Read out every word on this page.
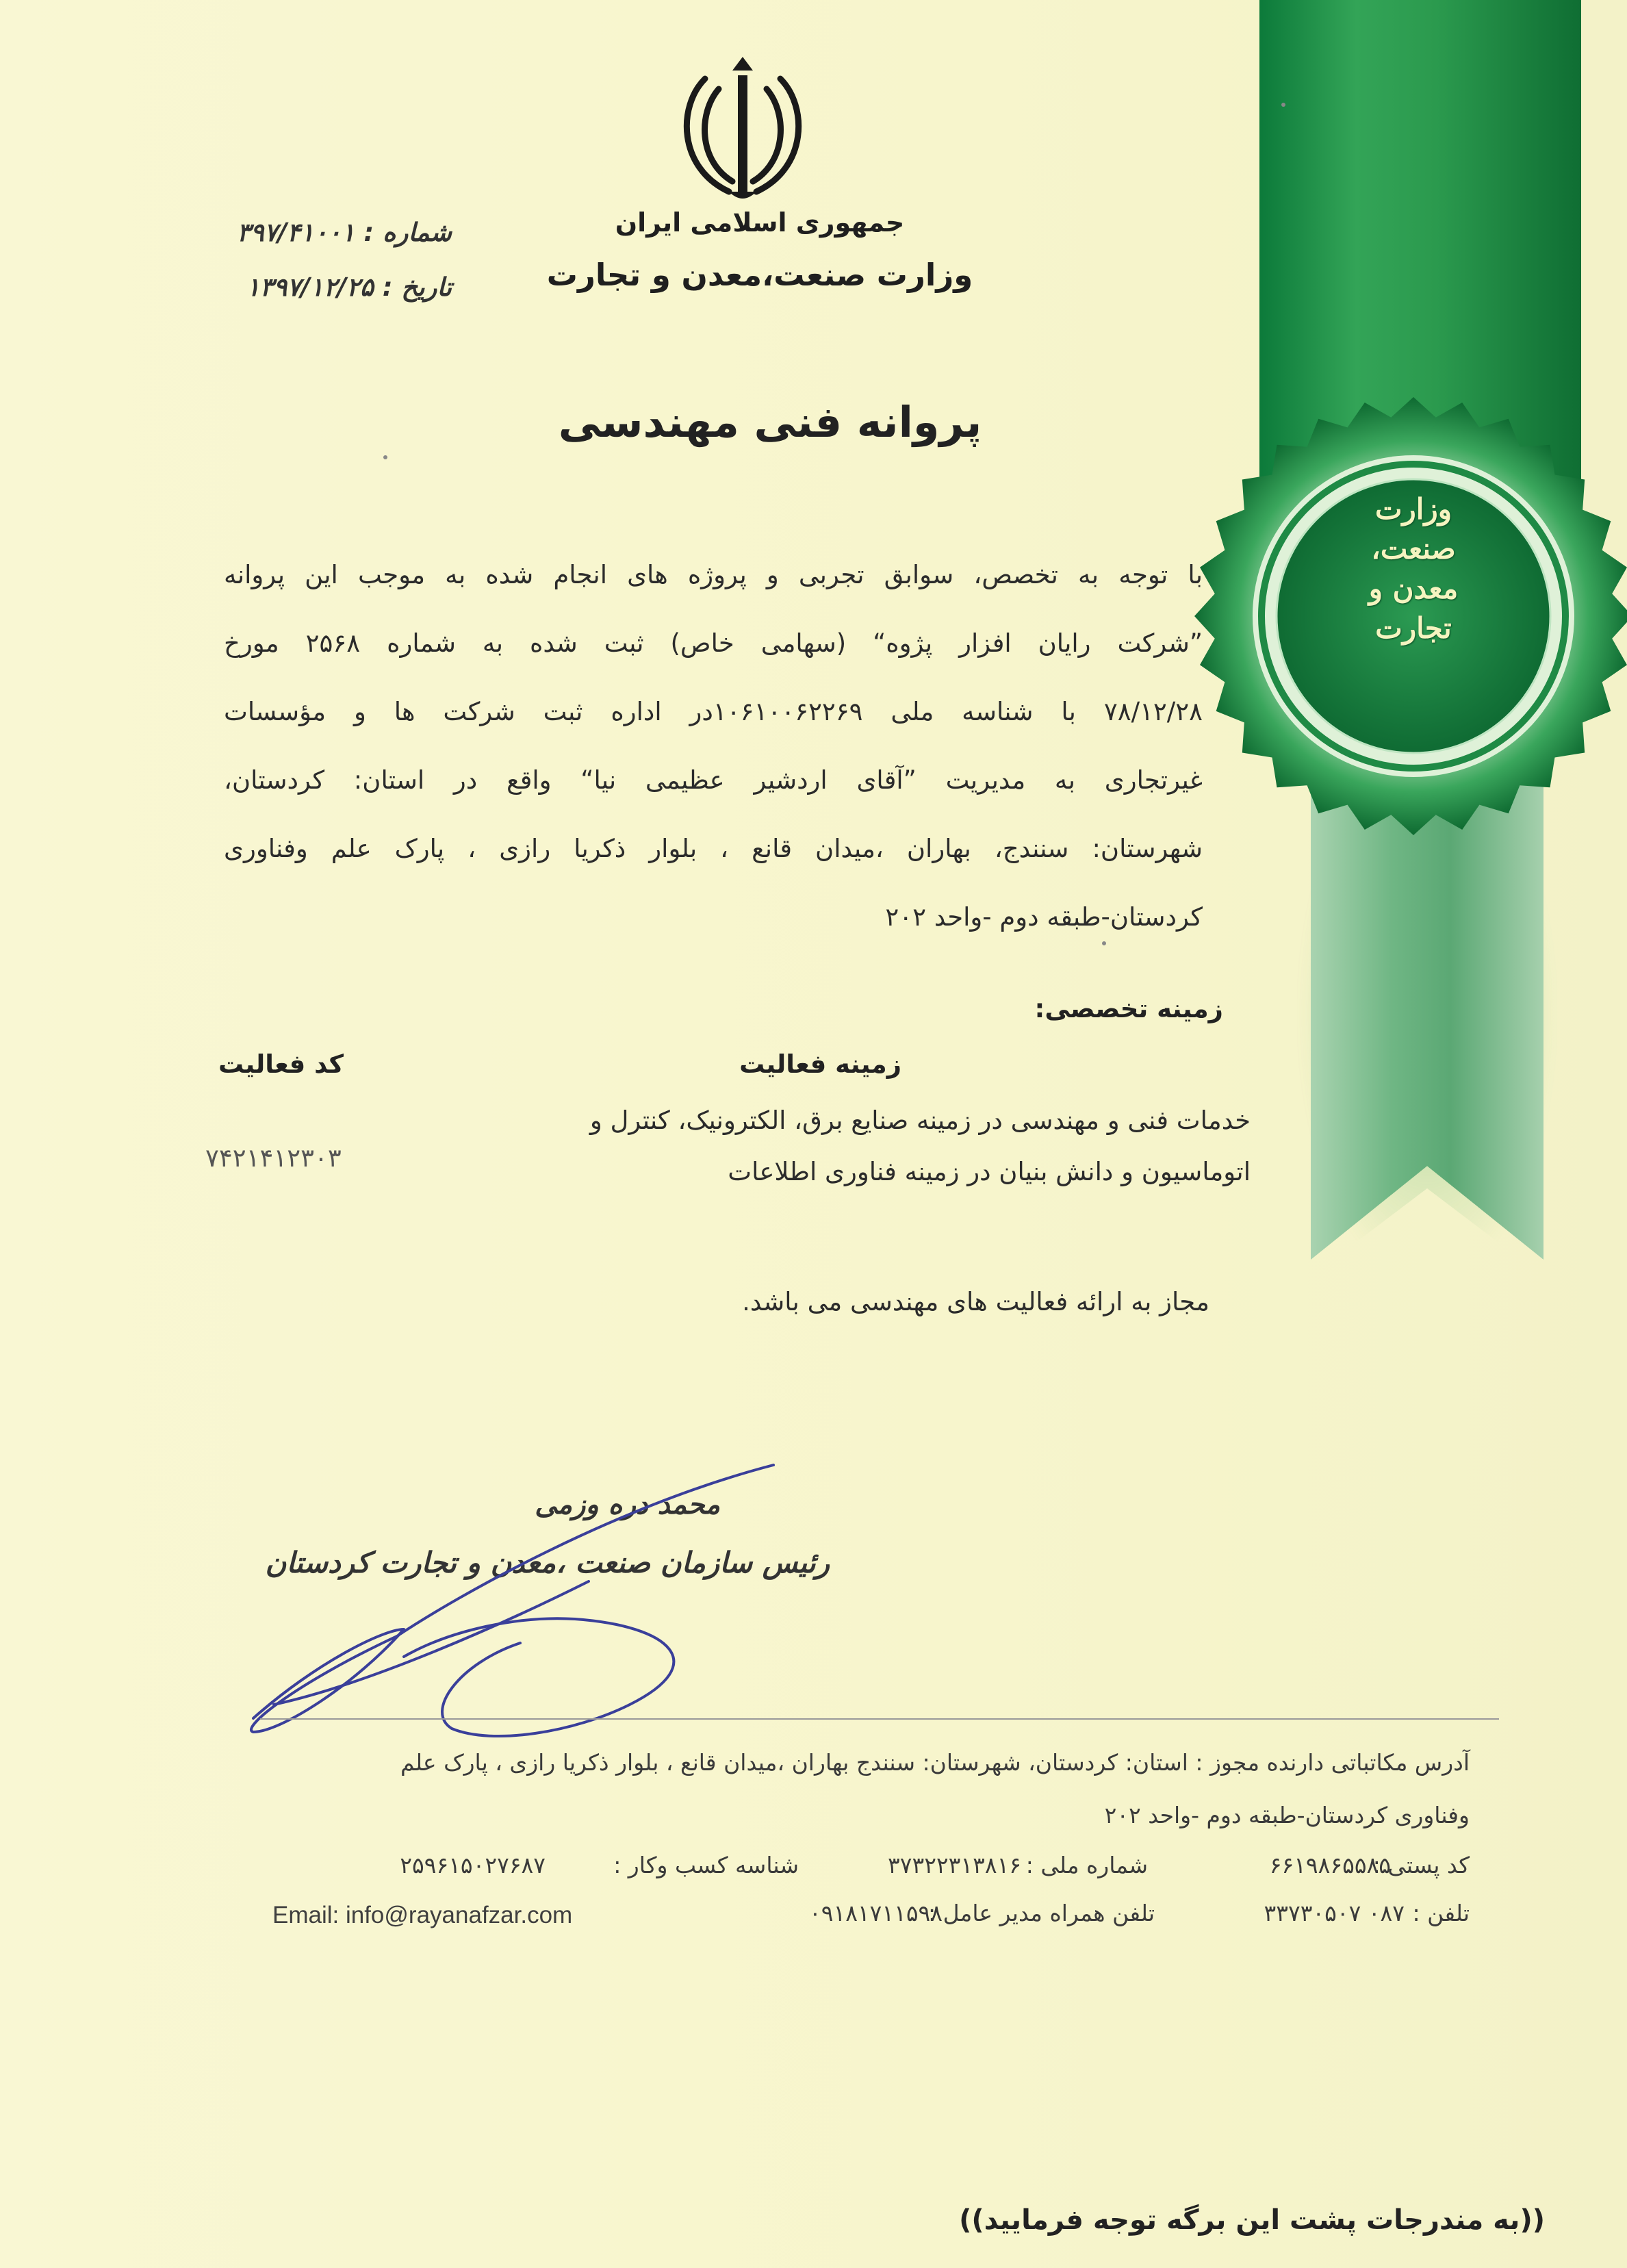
وزارت
صنعت،
معدن و
تجارت
جمهوری اسلامی ایران
وزارت صنعت،معدن و تجارت
شماره : ۳۹۷/۴۱۰۰۱
تاریخ : ۱۳۹۷/۱۲/۲۵
پروانه فنی مهندسی
با توجه به تخصص، سوابق تجربی و پروژه های انجام شده به موجب این پروانه
”شرکت رایان افزار پژوه“ (سهامی خاص) ثبت شده به شماره ۲۵۶۸ مورخ
۷۸/۱۲/۲۸ با شناسه ملی ۱۰۶۱۰۰۶۲۲۶۹در اداره ثبت شرکت ها و مؤسسات
غیرتجاری به مدیریت ”آقای اردشیر عظیمی نیا“ واقع در استان: کردستان،
شهرستان: سنندج، بهاران ،میدان قانع ، بلوار ذکریا رازی ، پارک علم وفناوری
کردستان-طبقه دوم -واحد ۲۰۲
زمینه تخصصی:
زمینه فعالیت
کد فعالیت
خدمات فنی و مهندسی در زمینه صنایع برق، الکترونیک، کنترل و
اتوماسیون و دانش بنیان در زمینه فناوری اطلاعات
۷۴۲۱۴۱۲۳۰۳
مجاز به ارائه فعالیت های مهندسی می باشد.
محمد دره وزمی
رئیس سازمان صنعت ،معدن و تجارت کردستان
آدرس مکاتباتی دارنده مجوز : استان: کردستان، شهرستان: سنندج بهاران ،میدان قانع ، بلوار ذکریا رازی ، پارک علم
وفناوری کردستان-طبقه دوم -واحد ۲۰۲
کد پستی :
۶۶۱۹۸۶۵۵۸۵
شماره ملی :
۳۷۳۲۲۳۱۳۸۱۶
شناسه کسب وکار :
۲۵۹۶۱۵۰۲۷۶۸۷
تلفن :
۰۸۷ ۳۳۷۳۰۵۰۷
تلفن همراه مدیر عامل :
۰۹۱۸۱۷۱۱۵۹۸
Email: info@rayanafzar.com
((به مندرجات پشت این برگه توجه فرمایید))
